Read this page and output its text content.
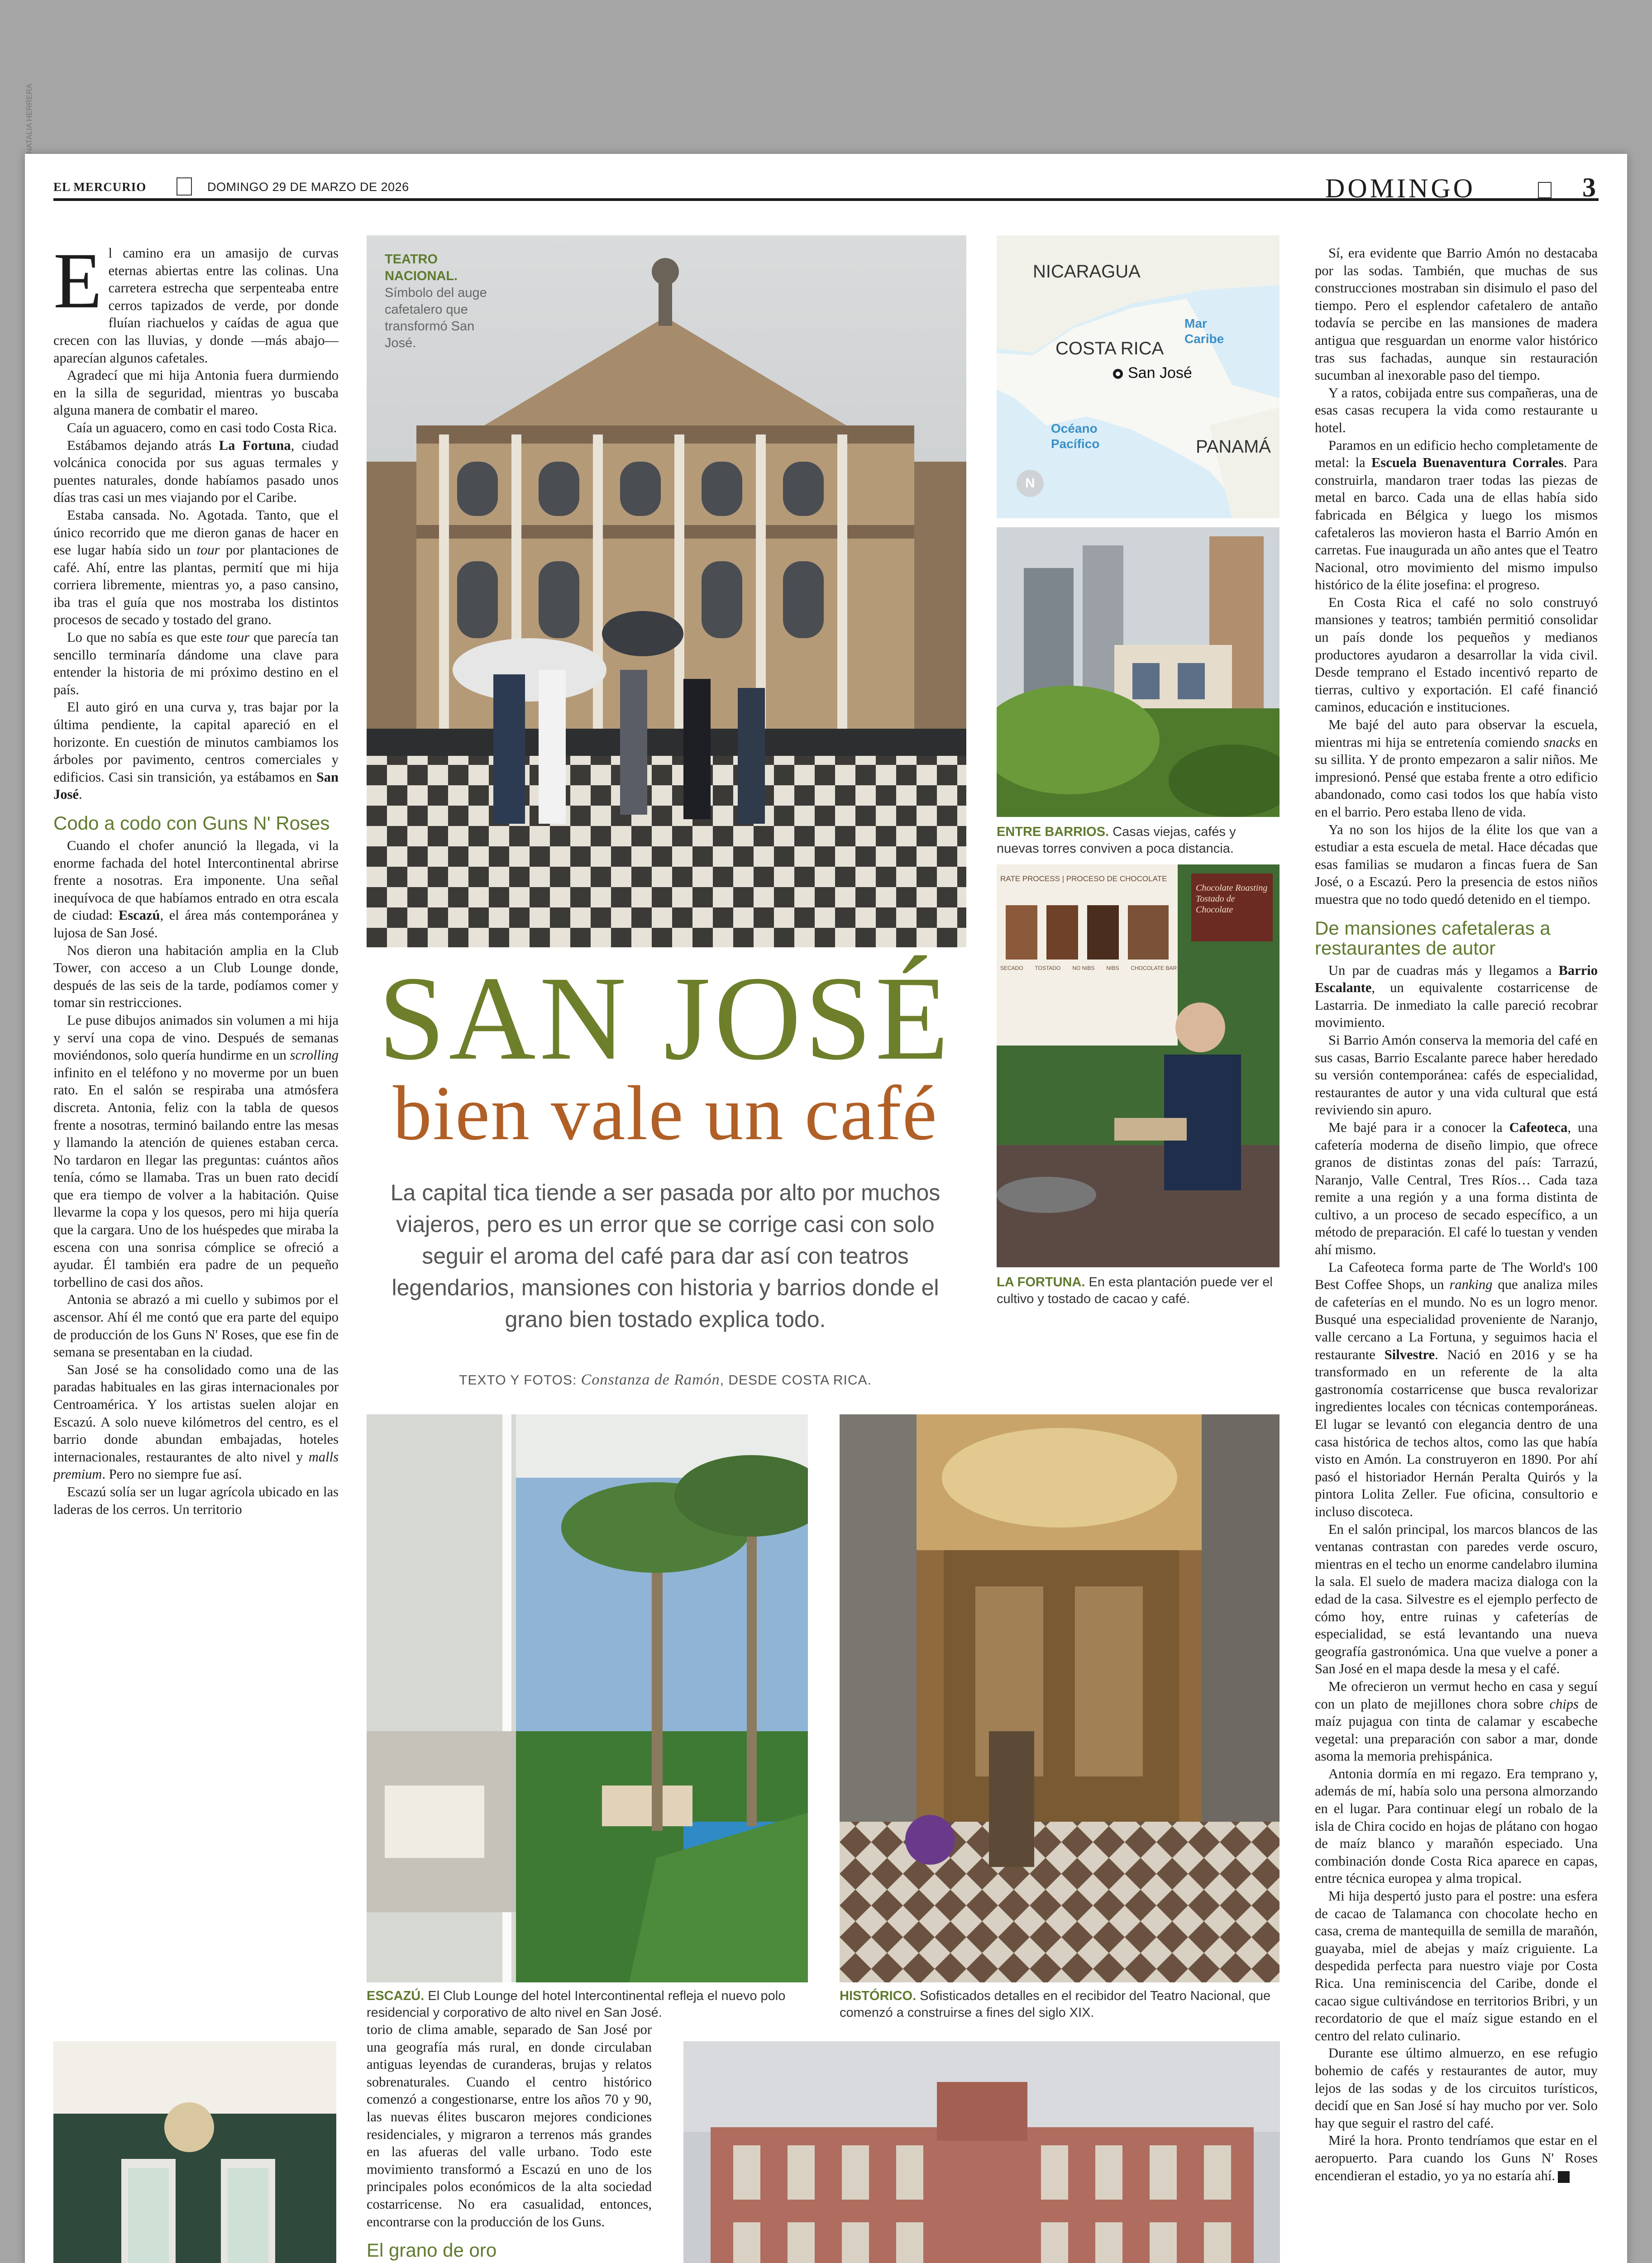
EL MERCURIO	DOMINGO 29 DE MARZO DE 2026	DOMINGO	3

El camino era un amasijo de curvas eternas abiertas entre las colinas. Una carretera estrecha que serpenteaba entre cerros tapizados de verde, por donde fluían riachuelos y caídas de agua que crecen con las lluvias, y donde —más abajo— aparecían algunos cafetales.

Agradecí que mi hija Antonia fuera durmiendo en la silla de seguridad, mientras yo buscaba alguna manera de combatir el mareo.

Caía un aguacero, como en casi todo Costa Rica.

Estábamos dejando atrás La Fortuna, ciudad volcánica conocida por sus aguas termales y puentes naturales, donde habíamos pasado unos días tras casi un mes viajando por el Caribe.

Estaba cansada. No. Agotada. Tanto, que el único recorrido que me dieron ganas de hacer en ese lugar había sido un tour por plantaciones de café. Ahí, entre las plantas, permití que mi hija corriera libremente, mientras yo, a paso cansino, iba tras el guía que nos mostraba los distintos procesos de secado y tostado del grano.

Lo que no sabía es que este tour que parecía tan sencillo terminaría dándome una clave para entender la historia de mi próximo destino en el país.

El auto giró en una curva y, tras bajar por la última pendiente, la capital apareció en el horizonte. En cuestión de minutos cambiamos los árboles por pavimento, centros comerciales y edificios. Casi sin transición, ya estábamos en San José.

Codo a codo con Guns N' Roses

Cuando el chofer anunció la llegada, vi la enorme fachada del hotel Intercontinental abrirse frente a nosotras. Era imponente. Una señal inequívoca de que habíamos entrado en otra escala de ciudad: Escazú, el área más contemporánea y lujosa de San José.

Nos dieron una habitación amplia en la Club Tower, con acceso a un Club Lounge donde, después de las seis de la tarde, podíamos comer y tomar sin restricciones.

Le puse dibujos animados sin volumen a mi hija y serví una copa de vino. Después de semanas moviéndonos, solo quería hundirme en un scrolling infinito en el teléfono y no moverme por un buen rato. En el salón se respiraba una atmósfera discreta. Antonia, feliz con la tabla de quesos frente a nosotras, terminó bailando entre las mesas y llamando la atención de quienes estaban cerca. No tardaron en llegar las preguntas: cuántos años tenía, cómo se llamaba. Tras un buen rato decidí que era tiempo de volver a la habitación. Quise llevarme la copa y los quesos, pero mi hija quería que la cargara. Uno de los huéspedes que miraba la escena con una sonrisa cómplice se ofreció a ayudar. Él también era padre de un pequeño torbellino de casi dos años.

Antonia se abrazó a mi cuello y subimos por el ascensor. Ahí él me contó que era parte del equipo de producción de los Guns N' Roses, que ese fin de semana se presentaban en la ciudad.

San José se ha consolidado como una de las paradas habituales en las giras internacionales por Centroamérica. Y los artistas suelen alojar en Escazú. A solo nueve kilómetros del centro, es el barrio donde abundan embajadas, hoteles internacionales, restaurantes de alto nivel y malls premium. Pero no siempre fue así.

Escazú solía ser un lugar agrícola ubicado en las laderas de los cerros. Un territorio

TEATRO NACIONAL.
Símbolo del auge cafetalero que transformó San José.
NICARAGUA
COSTA RICA
San José
Mar Caribe
Océano Pacífico	PANAMÁ
N
NATALIA HERRERA
ENTRE BARRIOS. Casas viejas, cafés y nuevas torres conviven a poca distancia.
RATE PROCESS | PROCESO DE CHOCOLATE
SECADO TOSTADO NO NIBS NIBS CHOCOLATE BAR
Chocolate Roasting
Tostado de Chocolate
LA FORTUNA. En esta plantación puede ver el cultivo y tostado de cacao y café.
SAN JOSÉ
bien vale un café
La capital tica tiende a ser pasada por alto por muchos viajeros, pero es un error que se corrige casi con solo seguir el aroma del café para dar así con teatros legendarios, mansiones con historia y barrios donde el grano bien tostado explica todo.
TEXTO Y FOTOS: Constanza de Ramón, DESDE COSTA RICA.
ESCAZÚ. El Club Lounge del hotel Intercontinental refleja el nuevo polo residencial y corporativo de alto nivel en San José.
HISTÓRICO. Sofisticados detalles en el recibidor del Teatro Nacional, que comenzó a construirse a fines del siglo XIX.

Sí, era evidente que Barrio Amón no destacaba por las sodas. También, que muchas de sus construcciones mostraban sin disimulo el paso del tiempo. Pero el esplendor cafetalero de antaño todavía se percibe en las mansiones de madera antigua que resguardan un enorme valor histórico tras sus fachadas, aunque sin restauración sucumban al inexorable paso del tiempo.

Y a ratos, cobijada entre sus compañeras, una de esas casas recupera la vida como restaurante u hotel.

Paramos en un edificio hecho completamente de metal: la Escuela Buenaventura Corrales. Para construirla, mandaron traer todas las piezas de metal en barco. Cada una de ellas había sido fabricada en Bélgica y luego los mismos cafetaleros las movieron hasta el Barrio Amón en carretas. Fue inaugurada un año antes que el Teatro Nacional, otro movimiento del mismo impulso histórico de la élite josefina: el progreso.

En Costa Rica el café no solo construyó mansiones y teatros; también permitió consolidar un país donde los pequeños y medianos productores ayudaron a desarrollar la vida civil. Desde temprano el Estado incentivó reparto de tierras, cultivo y exportación. El café financió caminos, educación e instituciones.

Me bajé del auto para observar la escuela, mientras mi hija se entretenía comiendo snacks en su sillita. Y de pronto empezaron a salir niños. Me impresionó. Pensé que estaba frente a otro edificio abandonado, como casi todos los que había visto en el barrio. Pero estaba lleno de vida.

Ya no son los hijos de la élite los que van a estudiar a esta escuela de metal. Hace décadas que esas familias se mudaron a fincas fuera de San José, o a Escazú. Pero la presencia de estos niños muestra que no todo quedó detenido en el tiempo.

De mansiones cafetaleras a restaurantes de autor

Un par de cuadras más y llegamos a Barrio Escalante, un equivalente costarricense de Lastarria. De inmediato la calle pareció recobrar movimiento.

Si Barrio Amón conserva la memoria del café en sus casas, Barrio Escalante parece haber heredado su versión contemporánea: cafés de especialidad, restaurantes de autor y una vida cultural que está reviviendo sin apuro.

Me bajé para ir a conocer la Cafeoteca, una cafetería moderna de diseño limpio, que ofrece granos de distintas zonas del país: Tarrazú, Naranjo, Valle Central, Tres Ríos… Cada taza remite a una región y a una forma distinta de cultivo, a un proceso de secado específico, a un método de preparación. El café lo tuestan y venden ahí mismo.

La Cafeoteca forma parte de The World's 100 Best Coffee Shops, un ranking que analiza miles de cafeterías en el mundo. No es un logro menor. Busqué una especialidad proveniente de Naranjo, valle cercano a La Fortuna, y seguimos hacia el restaurante Silvestre. Nació en 2016 y se ha transformado en un referente de la alta gastronomía costarricense que busca revalorizar ingredientes locales con técnicas contemporáneas. El lugar se levantó con elegancia dentro de una casa histórica de techos altos, como las que había visto en Amón. La construyeron en 1890. Por ahí pasó el historiador Hernán Peralta Quirós y la pintora Lolita Zeller. Fue oficina, consultorio e incluso discoteca.

En el salón principal, los marcos blancos de las ventanas contrastan con paredes verde oscuro, mientras en el techo un enorme candelabro ilumina la sala. El suelo de madera maciza dialoga con la edad de la casa. Silvestre es el ejemplo perfecto de cómo hoy, entre ruinas y cafeterías de especialidad, se está levantando una nueva geografía gastronómica. Una que vuelve a poner a San José en el mapa desde la mesa y el café.

Me ofrecieron un vermut hecho en casa y seguí con un plato de mejillones chora sobre chips de maíz pujagua con tinta de calamar y escabeche vegetal: una preparación con sabor a mar, donde asoma la memoria prehispánica.

Antonia dormía en mi regazo. Era temprano y, además de mí, había solo una persona almorzando en el lugar. Para continuar elegí un robalo de la isla de Chira cocido en hojas de plátano con hogao de maíz blanco y marañón especiado. Una combinación donde Costa Rica aparece en capas, entre técnica europea y alma tropical.

Mi hija despertó justo para el postre: una esfera de cacao de Talamanca con chocolate hecho en casa, crema de mantequilla de semilla de marañón, guayaba, miel de abejas y maíz criguiente. La despedida perfecta para nuestro viaje por Costa Rica. Una reminiscencia del Caribe, donde el cacao sigue cultivándose en territorios Bribri, y un recordatorio de que el maíz sigue estando en el centro del relato culinario.

Durante ese último almuerzo, en ese refugio bohemio de cafés y restaurantes de autor, muy lejos de las sodas y de los circuitos turísticos, decidí que en San José sí hay mucho por ver. Solo hay que seguir el rastro del café.

Miré la hora. Pronto tendríamos que estar en el aeropuerto. Para cuando los Guns N' Roses encendieran el estadio, yo ya no estaría ahí.

torio de clima amable, separado de San José por una geografía más rural, en donde circulaban antiguas leyendas de curanderas, brujas y relatos sobrenaturales. Cuando el centro histórico comenzó a congestionarse, entre los años 70 y 90, las nuevas élites buscaron mejores condiciones residenciales, y migraron a terrenos más grandes en las afueras del valle urbano. Todo este movimiento transformó a Escazú en uno de los principales polos económicos de la alta sociedad costarricense. No era casualidad, entonces, encontrarse con la producción de los Guns.

El grano de oro
